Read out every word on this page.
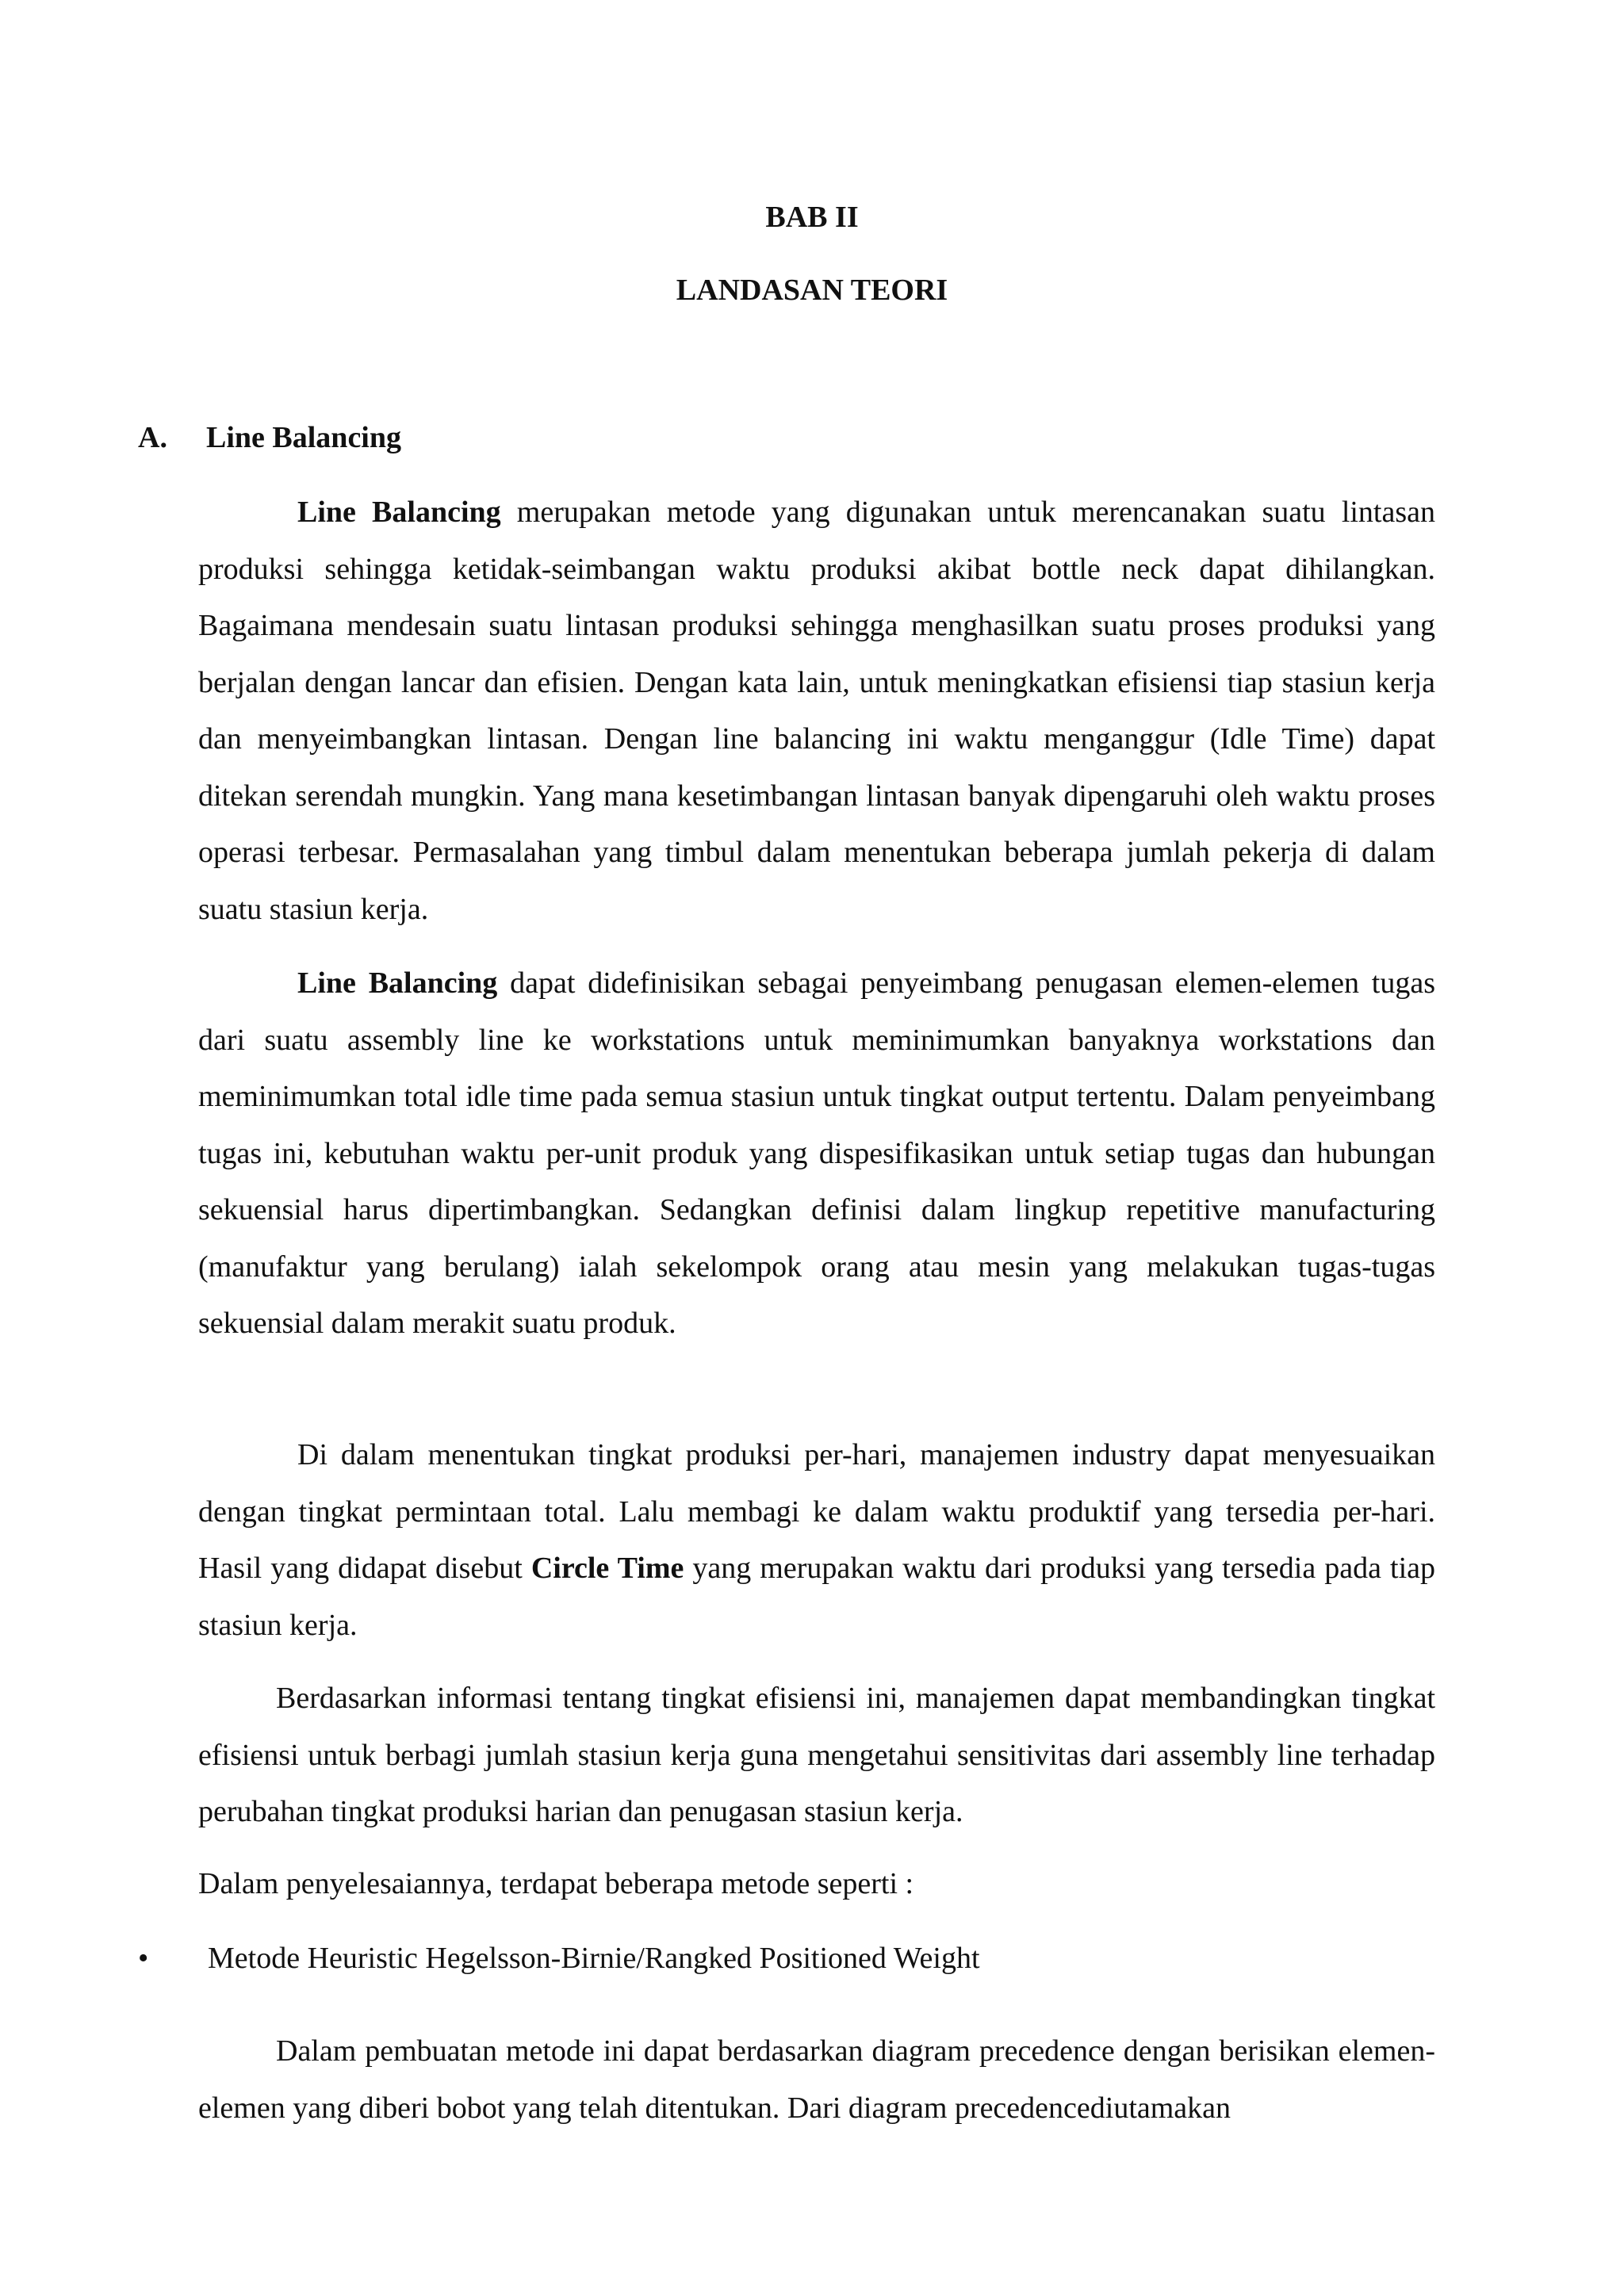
BAB II
LANDASAN TEORI
A. Line Balancing

Line Balancing merupakan metode yang digunakan untuk merencanakan suatu lintasan produksi sehingga ketidak-seimbangan waktu produksi akibat bottle neck dapat dihilangkan. Bagaimana mendesain suatu lintasan produksi sehingga menghasilkan suatu proses produksi yang berjalan dengan lancar dan efisien. Dengan kata lain, untuk meningkatkan efisiensi tiap stasiun kerja dan menyeimbangkan lintasan. Dengan line balancing ini waktu menganggur (Idle Time) dapat ditekan serendah mungkin. Yang mana kesetimbangan lintasan banyak dipengaruhi oleh waktu proses operasi terbesar. Permasalahan yang timbul dalam menentukan beberapa jumlah pekerja di dalam suatu stasiun kerja.

Line Balancing dapat didefinisikan sebagai penyeimbang penugasan elemen-elemen tugas dari suatu assembly line ke workstations untuk meminimumkan banyaknya workstations dan meminimumkan total idle time pada semua stasiun untuk tingkat output tertentu. Dalam penyeimbang tugas ini, kebutuhan waktu per-unit produk yang dispesifikasikan untuk setiap tugas dan hubungan sekuensial harus dipertimbangkan. Sedangkan definisi dalam lingkup repetitive manufacturing (manufaktur yang berulang) ialah sekelompok orang atau mesin yang melakukan tugas-tugas sekuensial dalam merakit suatu produk.

Di dalam menentukan tingkat produksi per-hari, manajemen industry dapat menyesuaikan dengan tingkat permintaan total. Lalu membagi ke dalam waktu produktif yang tersedia per-hari. Hasil yang didapat disebut Circle Time yang merupakan waktu dari produksi yang tersedia pada tiap stasiun kerja.

Berdasarkan informasi tentang tingkat efisiensi ini, manajemen dapat membandingkan tingkat efisiensi untuk berbagi jumlah stasiun kerja guna mengetahui sensitivitas dari assembly line terhadap perubahan tingkat produksi harian dan penugasan stasiun kerja.

Dalam penyelesaiannya, terdapat beberapa metode seperti :

• Metode Heuristic Hegelsson-Birnie/Rangked Positioned Weight

Dalam pembuatan metode ini dapat berdasarkan diagram precedence dengan berisikan elemen-elemen yang diberi bobot yang telah ditentukan. Dari diagram precedencediutamakan
